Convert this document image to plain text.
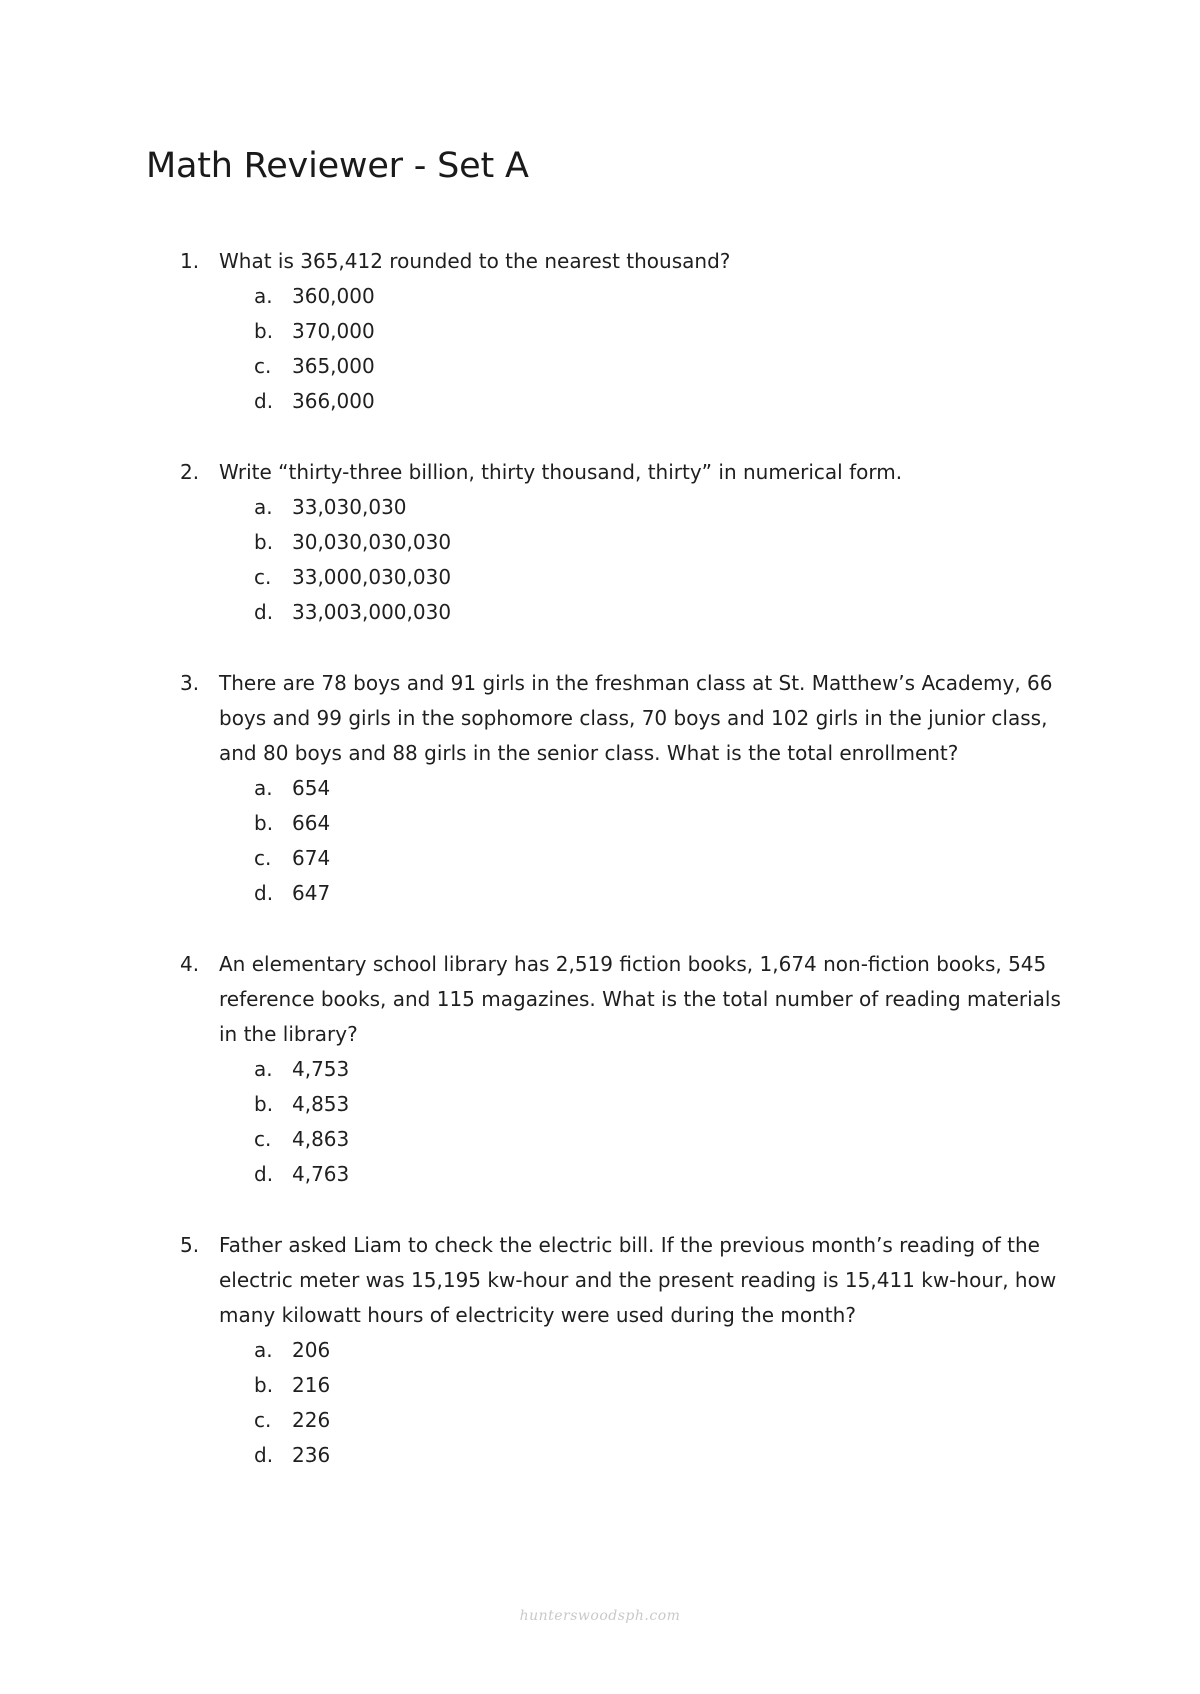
Math Reviewer - Set A
1. What is 365,412 rounded to the nearest thousand?
a. 360,000
b. 370,000
c. 365,000
d. 366,000
2. Write “thirty-three billion, thirty thousand, thirty” in numerical form.
a. 33,030,030
b. 30,030,030,030
c. 33,000,030,030
d. 33,003,000,030
3. There are 78 boys and 91 girls in the freshman class at St. Matthew’s Academy, 66 boys and 99 girls in the sophomore class, 70 boys and 102 girls in the junior class, and 80 boys and 88 girls in the senior class. What is the total enrollment?
a. 654
b. 664
c. 674
d. 647
4. An elementary school library has 2,519 fiction books, 1,674 non-fiction books, 545 reference books, and 115 magazines. What is the total number of reading materials in the library?
a. 4,753
b. 4,853
c. 4,863
d. 4,763
5. Father asked Liam to check the electric bill. If the previous month’s reading of the electric meter was 15,195 kw-hour and the present reading is 15,411 kw-hour, how many kilowatt hours of electricity were used during the month?
a. 206
b. 216
c. 226
d. 236
hunterswoodsph.com
